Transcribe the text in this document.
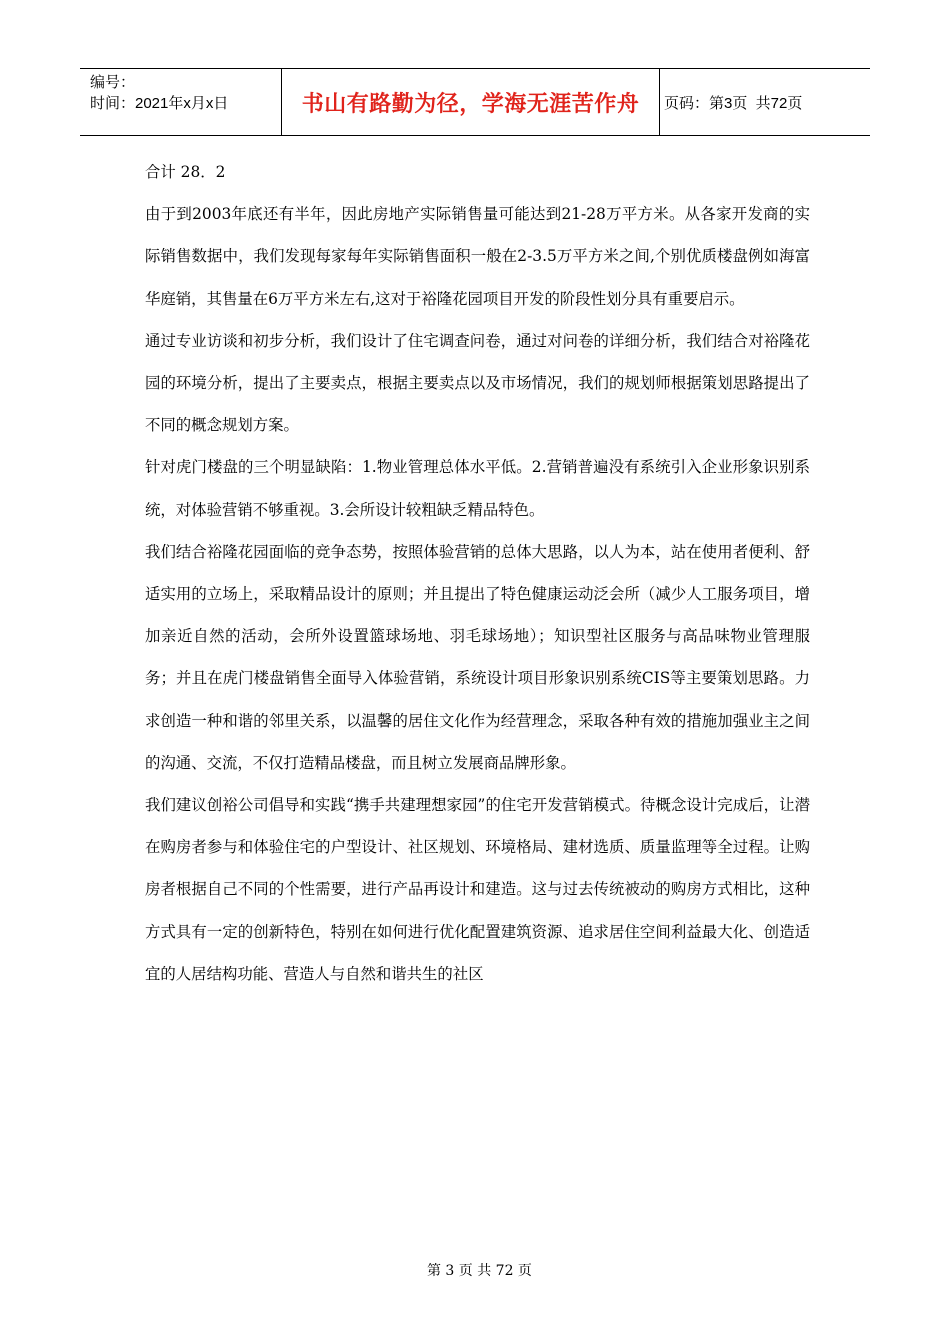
编号：
时间：2021年x月x日	书山有路勤为径，学海无涯苦作舟 页码：第3页  共72页

合计 28．2

由于到2003年底还有半年，因此房地产实际销售量可能达到21-28万平方米。从各家开发商的实际销售数据中，我们发现每家每年实际销售面积一般在2-3.5万平方米之间,个别优质楼盘例如海富华庭销，其售量在6万平方米左右,这对于裕隆花园项目开发的阶段性划分具有重要启示。

通过专业访谈和初步分析，我们设计了住宅调查问卷，通过对问卷的详细分析，我们结合对裕隆花园的环境分析，提出了主要卖点，根据主要卖点以及市场情况，我们的规划师根据策划思路提出了不同的概念规划方案。

针对虎门楼盘的三个明显缺陷：1.物业管理总体水平低。2.营销普遍没有系统引入企业形象识别系统，对体验营销不够重视。3.会所设计较粗缺乏精品特色。

我们结合裕隆花园面临的竞争态势，按照体验营销的总体大思路，以人为本，站在使用者便利、舒适实用的立场上，采取精品设计的原则；并且提出了特色健康运动泛会所（减少人工服务项目，增加亲近自然的活动，会所外设置篮球场地、羽毛球场地）；知识型社区服务与高品味物业管理服务；并且在虎门楼盘销售全面导入体验营销，系统设计项目形象识别系统CIS等主要策划思路。力求创造一种和谐的邻里关系，以温馨的居住文化作为经营理念，采取各种有效的措施加强业主之间的沟通、交流，不仅打造精品楼盘，而且树立发展商品牌形象。

我们建议创裕公司倡导和实践“携手共建理想家园”的住宅开发营销模式。待概念设计完成后，让潜在购房者参与和体验住宅的户型设计、社区规划、环境格局、建材选质、质量监理等全过程。让购房者根据自己不同的个性需要，进行产品再设计和建造。这与过去传统被动的购房方式相比，这种方式具有一定的创新特色，特别在如何进行优化配置建筑资源、追求居住空间利益最大化、创造适宜的人居结构功能、营造人与自然和谐共生的社区

第 3 页 共 72 页
